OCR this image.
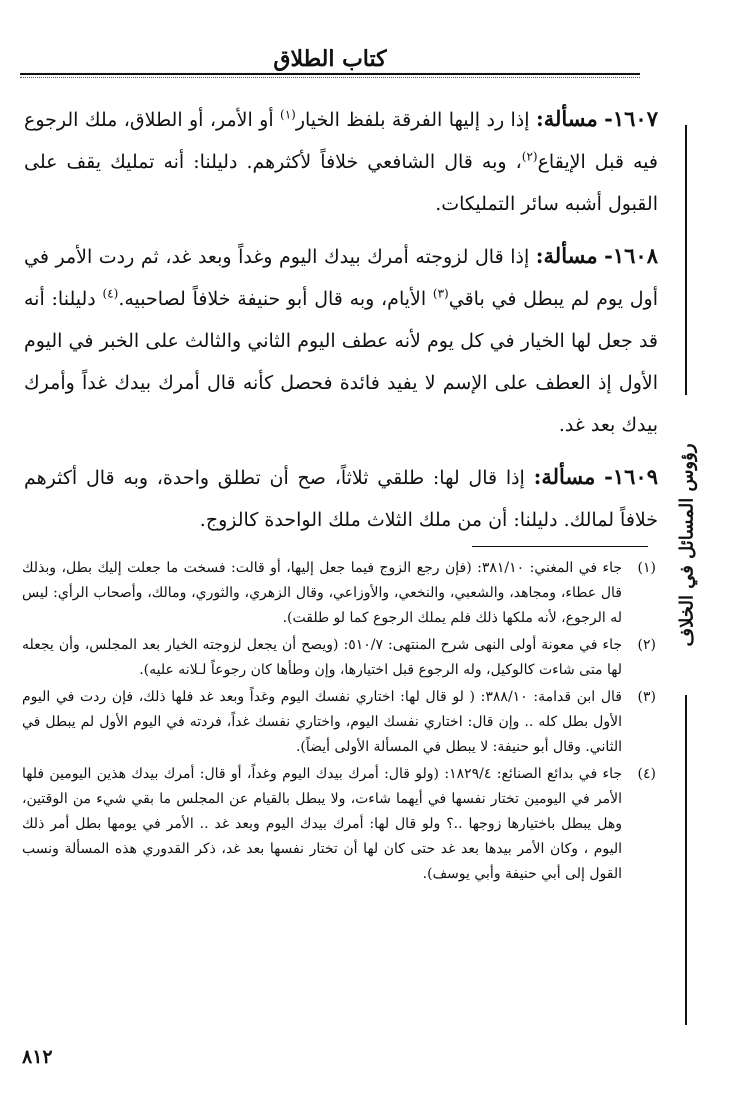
كتاب الطلاق
رؤوس المسائل في الخلاف

١٦٠٧- مسألة: إذا رد إليها الفرقة بلفظ الخيار$^{(١)}$ أو الأمر، أو الطلاق، ملك الرجوع فيه قبل الإيقاع$^{(٢)}$، وبه قال الشافعي خلافاً لأكثرهم. دليلنا: أنه تمليك يقف على القبول أشبه سائر التمليكات.

١٦٠٨- مسألة: إذا قال لزوجته أمرك بيدك اليوم وغداً وبعد غد، ثم ردت الأمر في أول يوم لم يبطل في باقي$^{(٣)}$ الأيام، وبه قال أبو حنيفة خلافاً لصاحبيه.$^{(٤)}$ دليلنا: أنه قد جعل لها الخيار في كل يوم لأنه عطف اليوم الثاني والثالث على الخبر في اليوم الأول إذ العطف على الإسم لا يفيد فائدة فحصل كأنه قال أمرك بيدك غداً وأمرك بيدك بعد غد.

١٦٠٩- مسألة: إذا قال لها: طلقي ثلاثاً، صح أن تطلق واحدة، وبه قال أكثرهم خلافاً لمالك. دليلنا: أن من ملك الثلاث ملك الواحدة كالزوج.

(١)
جاء في المغني: ٣٨١/١٠: (فإن رجع الزوج فيما جعل إليها، أو قالت: فسخت ما جعلت إليك بطل، وبذلك قال عطاء، ومجاهد، والشعبي، والنخعي، والأوزاعي، وقال الزهري، والثوري، ومالك، وأصحاب الرأي: ليس له الرجوع، لأنه ملكها ذلك فلم يملك الرجوع كما لو طلقت).
(٢)
جاء في معونة أولى النهى شرح المنتهى: ٥١٠/٧: (ويصح أن يجعل لزوجته الخيار بعد المجلس، وأن يجعله لها متى شاءت كالوكيل، وله الرجوع قبل اختيارها، وإن وطأها كان رجوعاً لـلانه عليه).
(٣)
قال ابن قدامة: ٣٨٨/١٠: ( لو قال لها: اختاري نفسك اليوم وغداً وبعد غد فلها ذلك، فإن ردت في اليوم الأول بطل كله .. وإن قال: اختاري نفسك اليوم، واختاري نفسك غداً، فردته في اليوم الأول لم يبطل في الثاني. وقال أبو حنيفة: لا يبطل في المسألة الأولى أيضاً).
(٤)
جاء في بدائع الصنائع: ١٨٢٩/٤: (ولو قال: أمرك بيدك اليوم وغداً، أو قال: أمرك بيدك هذين اليومين فلها الأمر في اليومين تختار نفسها في أيهما شاءت، ولا يبطل بالقيام عن المجلس ما بقي شيء من الوقتين، وهل يبطل باختيارها زوجها ..؟ ولو قال لها: أمرك بيدك اليوم وبعد غد .. الأمر في يومها بطل أمر ذلك اليوم ، وكان الأمر بيدها بعد غد حتى كان لها أن تختار نفسها بعد غد، ذكر القدوري هذه المسألة ونسب القول إلى أبي حنيفة وأبي يوسف).
٨١٢
